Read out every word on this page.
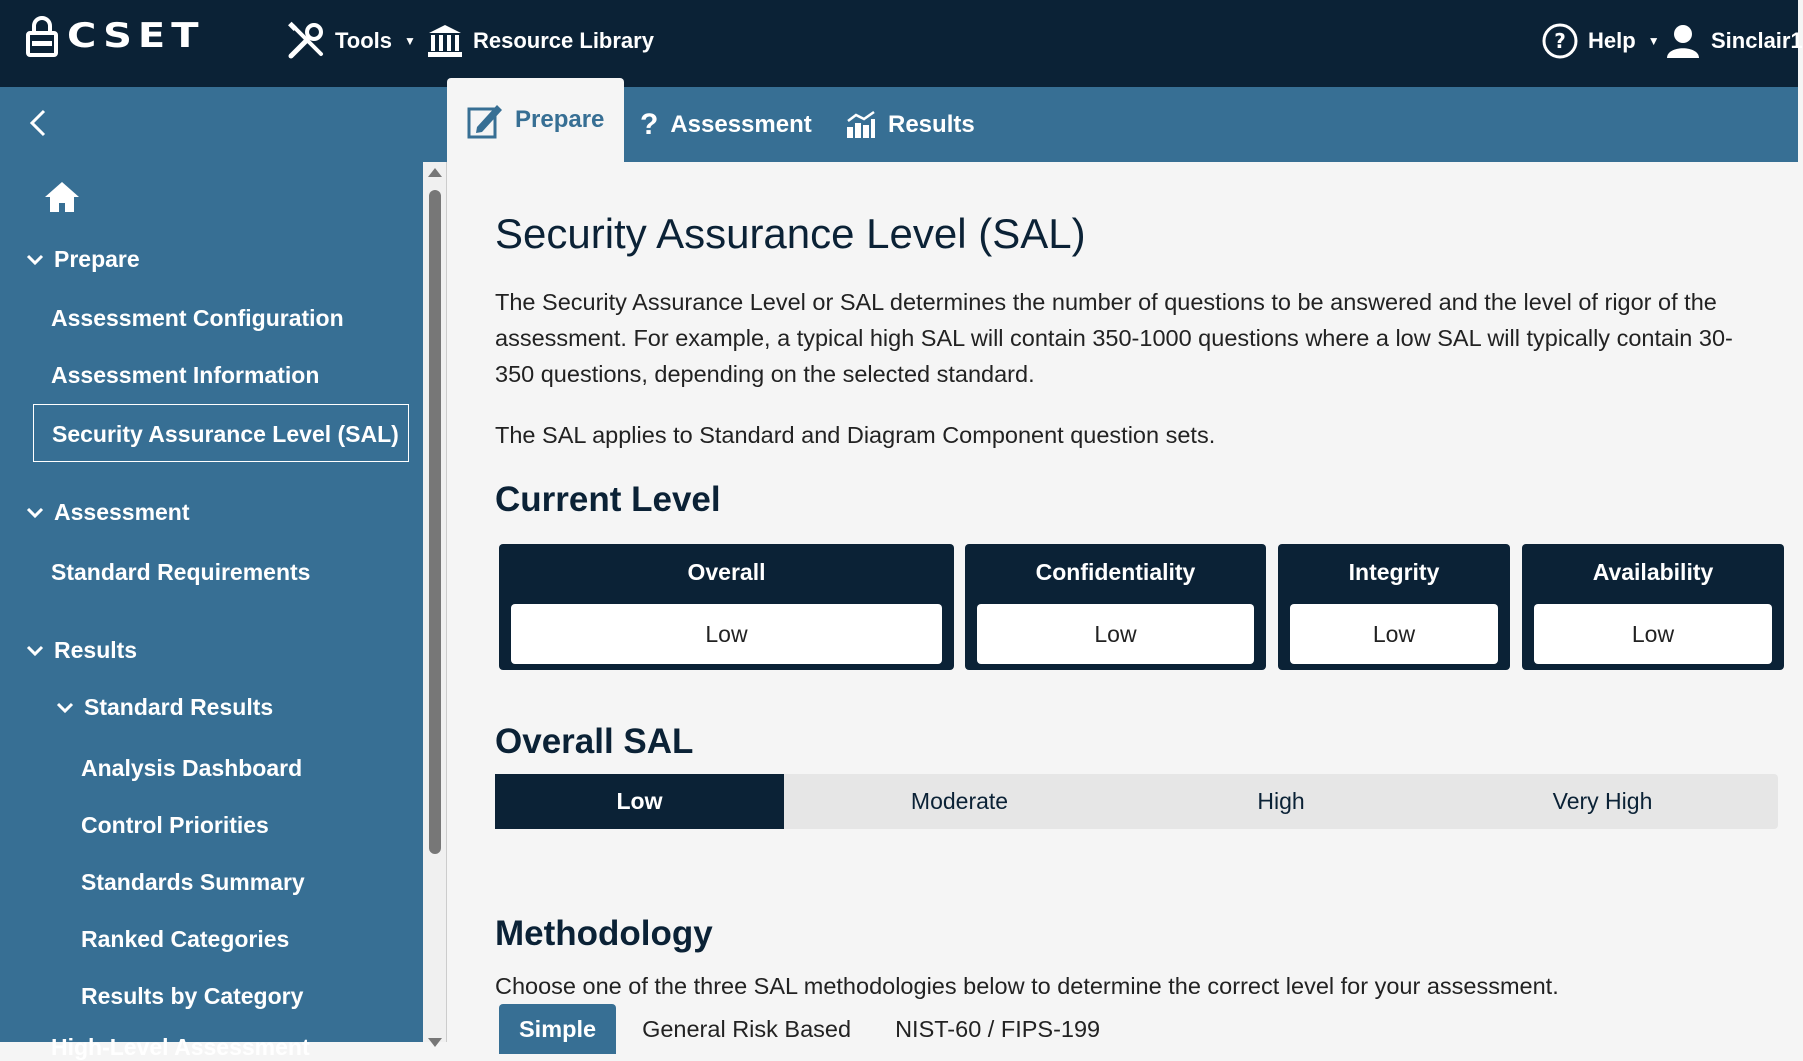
CSET	Tools ▼	Resource Library	? Help ▼ Sinclair1
Prepare ? Assessment	Results
Prepare
Assessment Configuration
Assessment Information
Security Assurance Level (SAL)
Assessment
Standard Requirements
Results
Standard Results
Analysis Dashboard
Control Priorities
Standards Summary
Ranked Categories
Results by Category
High-Level Assessment
Security Assurance Level (SAL)

The Security Assurance Level or SAL determines the number of questions to be answered and the level of rigor of the assessment. For example, a typical high SAL will contain 350-1000 questions where a low SAL will typically contain 30-350 questions, depending on the selected standard.

The SAL applies to Standard and Diagram Component question sets.

Current Level
Overall
Low
Confidentiality
Low
Integrity
Low
Availability
Low
Overall SAL
Low	Moderate	High	Very High
Methodology

Choose one of the three SAL methodologies below to determine the correct level for your assessment.

Simple	General Risk Based	NIST-60 / FIPS-199
